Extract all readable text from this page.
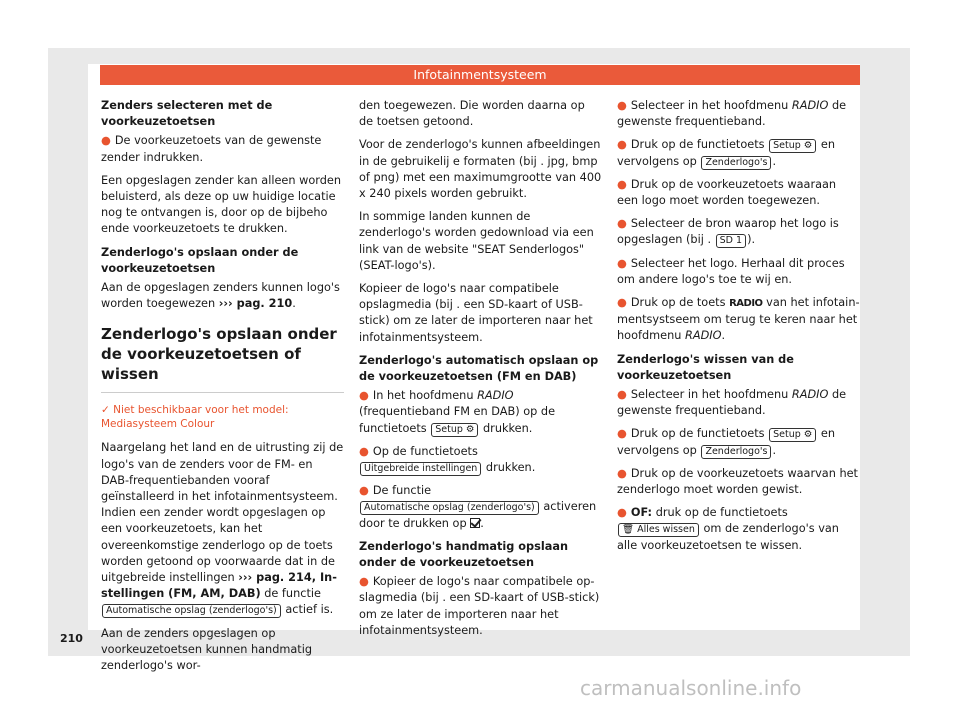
Infotainmentsysteem

Zenders selecteren met de voorkeuzetoetsen

● De voorkeuzetoets van de gewenste zender indrukken.

Een opgeslagen zender kan alleen worden beluisterd, als deze op uw huidige locatie nog te ontvangen is, door op de bijbeho ende voorkeuzetoets te drukken.

Zenderlogo's opslaan onder de voorkeuzetoetsen

Aan de opgeslagen zenders kunnen logo's worden toegewezen ››› pag. 210.

Zenderlogo's opslaan onder de voorkeuzetoetsen of wissen

✓ Niet beschikbaar voor het model: Mediasysteem Colour

Naargelang het land en de uitrusting zij de logo's van de zenders voor de FM- en DAB-frequentiebanden vooraf geïnstalleerd in het infotainmentsysteem. Indien een zender wordt opgeslagen op een voorkeuzetoets, kan het overeenkomstige zenderlogo op de toets worden getoond op voorwaarde dat in de uitgebreide instellingen ››› pag. 214, Instellingen (FM, AM, DAB) de functie Automatische opslag (zenderlogo's) actief is.

Aan de zenders opgeslagen op voorkeuzetoetsen kunnen handmatig zenderlogo's wor-

den toegewezen. Die worden daarna op de toetsen getoond.

Voor de zenderlogo's kunnen afbeeldingen in de gebruikelij e formaten (bij . jpg, bmp of png) met een maximumgrootte van 400 x 240 pixels worden gebruikt.

In sommige landen kunnen de zenderlogo's worden gedownload via een link van de website "SEAT Senderlogos" (SEAT-logo's).

Kopieer de logo's naar compatibele opslagmedia (bij . een SD-kaart of USB-stick) om ze later de importeren naar het infotainmentsysteem.

Zenderlogo's automatisch opslaan op de voorkeuzetoetsen (FM en DAB)

● In het hoofdmenu RADIO (frequentieband FM en DAB) op de functietoets Setup ⚙ drukken.

● Op de functietoets Uitgebreide instellingen drukken.

● De functie Automatische opslag (zenderlogo's) activeren door te drukken op .

Zenderlogo's handmatig opslaan onder de voorkeuzetoetsen

● Kopieer de logo's naar compatibele opslagmedia (bij . een SD-kaart of USB-stick) om ze later de importeren naar het infotainmentsysteem.

● Selecteer in het hoofdmenu RADIO de gewenste frequentieband.

● Druk op de functietoets Setup ⚙ en vervolgens op Zenderlogo's .

● Druk op de voorkeuzetoets waaraan een logo moet worden toegewezen.

● Selecteer de bron waarop het logo is opgeslagen (bij . SD 1 ).

● Selecteer het logo. Herhaal dit proces om andere logo's toe te wij en.

● Druk op de toets RADIO van het infotainmentsystseem om terug te keren naar het hoofdmenu RADIO.

Zenderlogo's wissen van de voorkeuzetoetsen

● Selecteer in het hoofdmenu RADIO de gewenste frequentieband.

● Druk op de functietoets Setup ⚙ en vervolgens op Zenderlogo's .

● Druk op de voorkeuzetoets waarvan het zenderlogo moet worden gewist.

● OF: druk op de functietoets 🗑 Alles wissen om de zenderlogo's van alle voorkeuzetoetsen te wissen.

210
carmanualsonline.info
